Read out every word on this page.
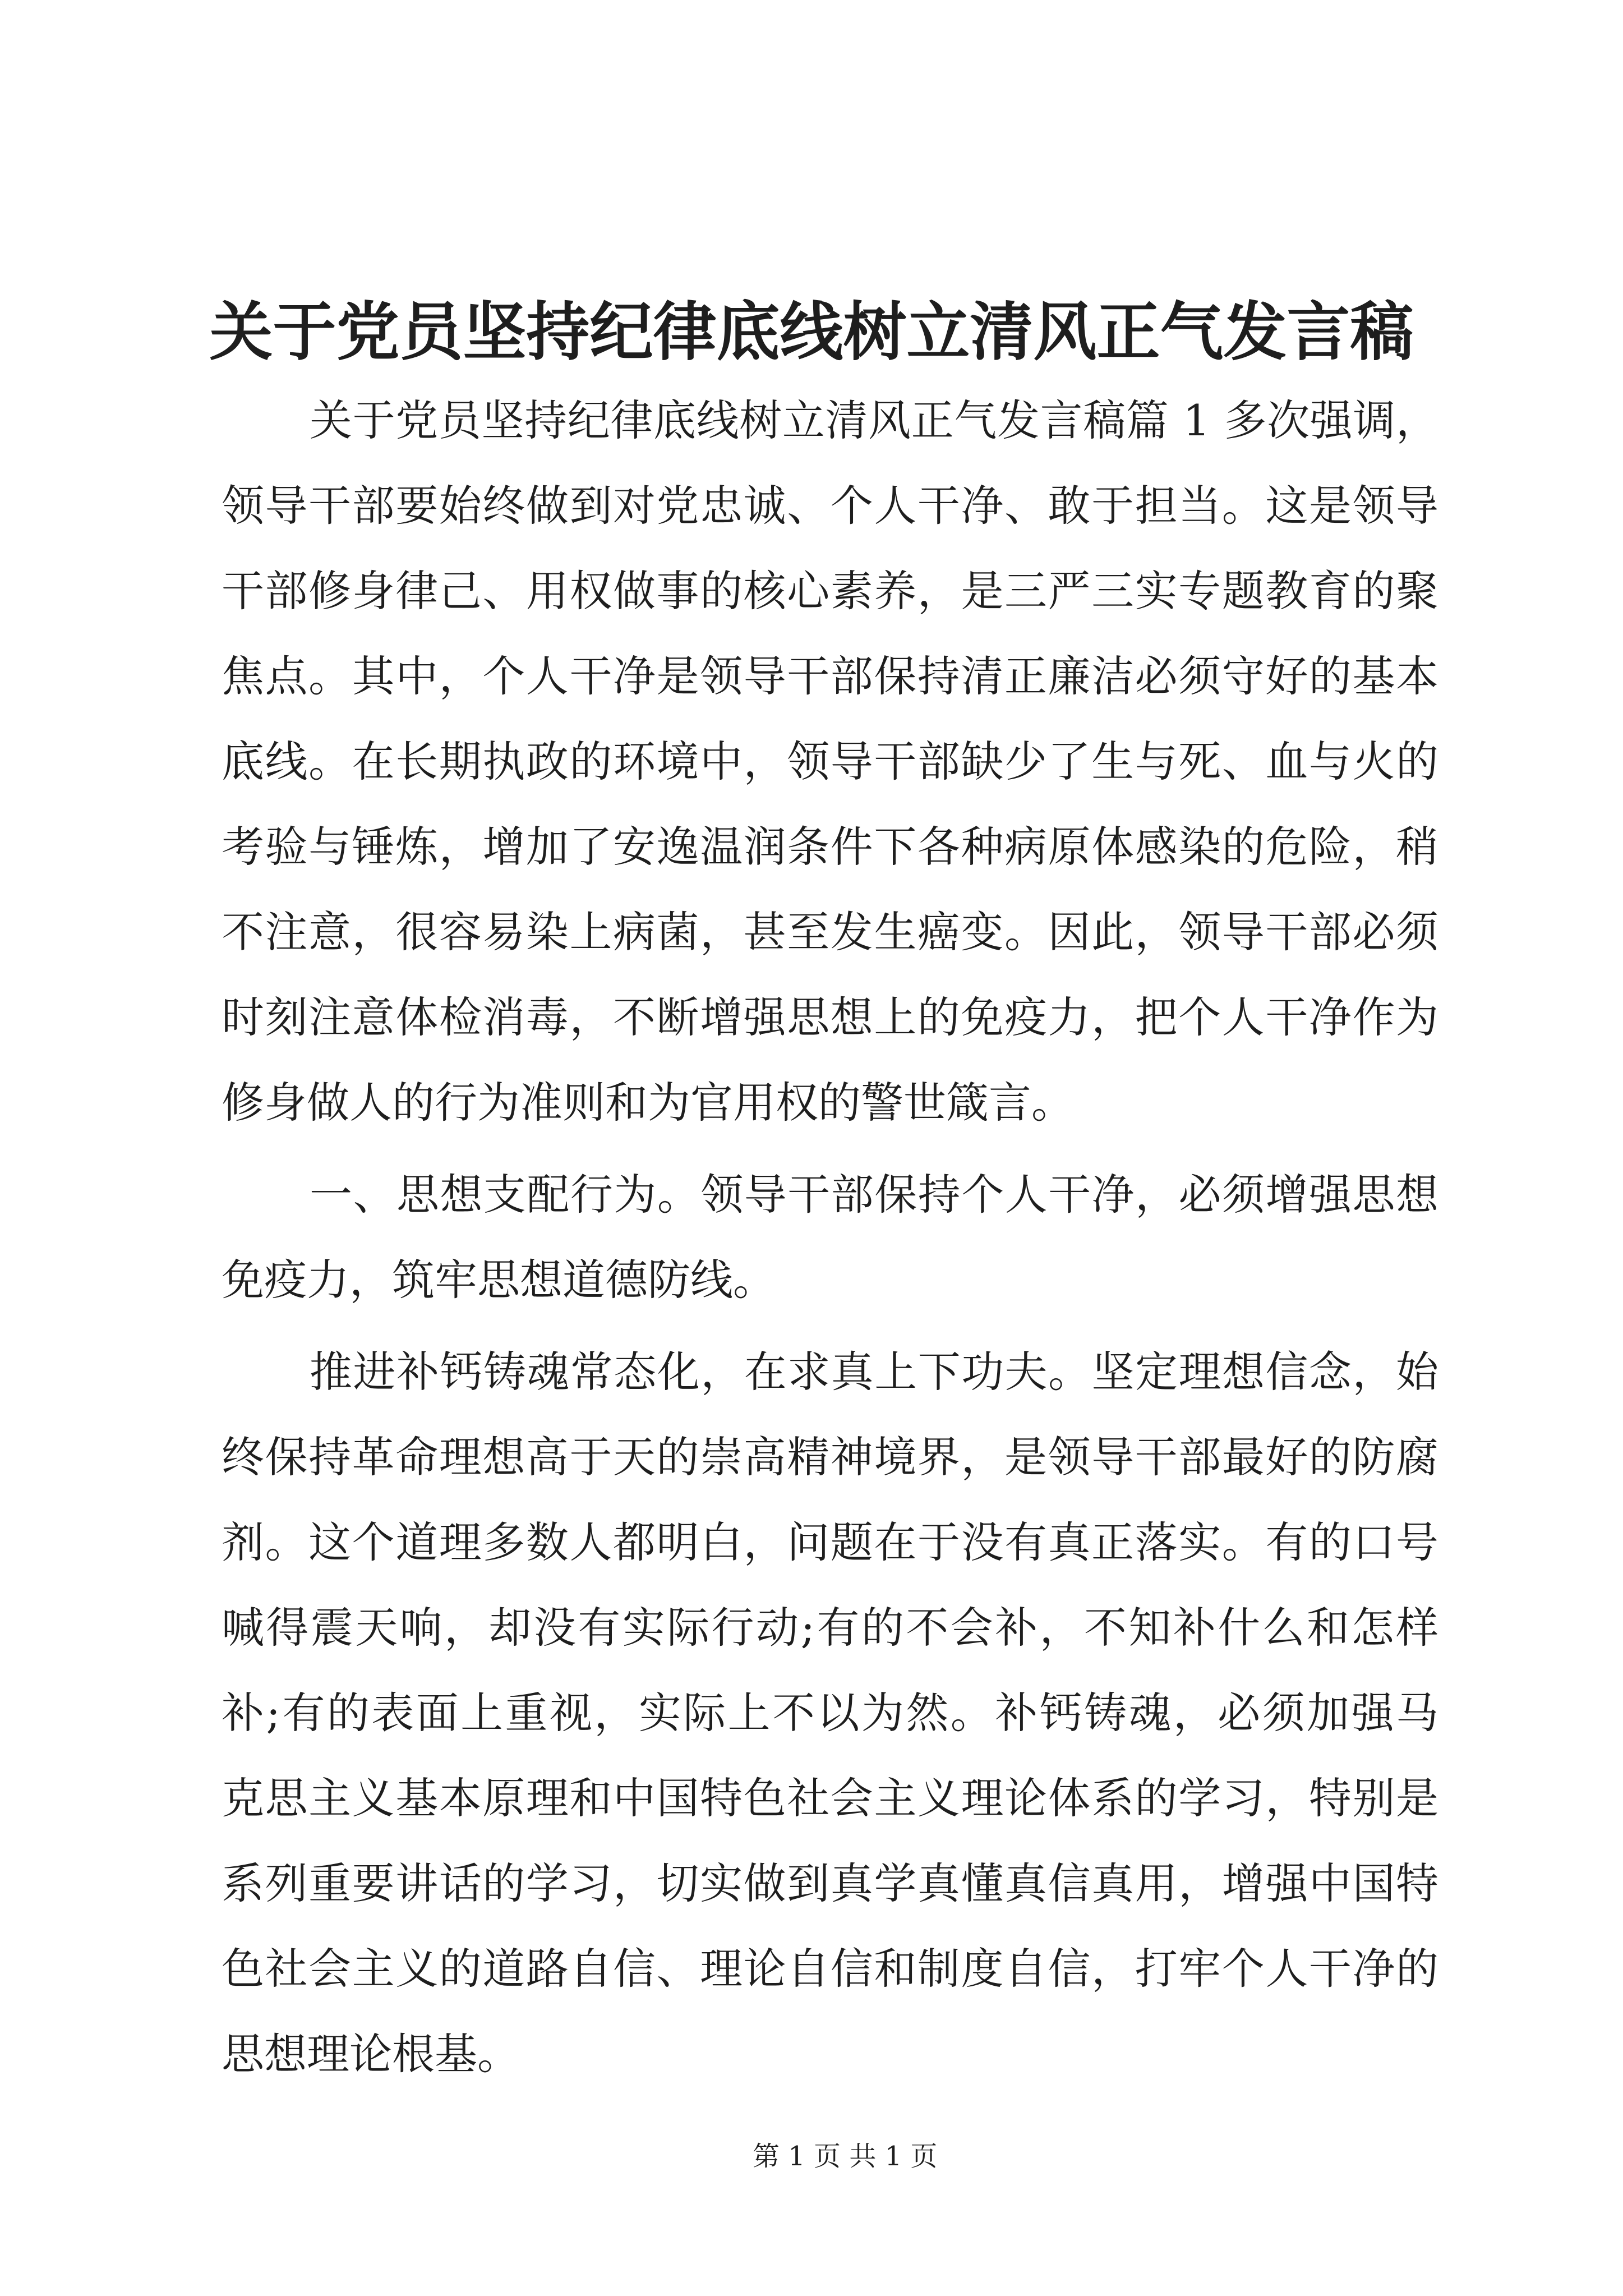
关于党员坚持纪律底线树立清风正气发言稿
关于党员坚持纪律底线树立清风正气发言稿篇 1 多次强调，
领导干部要始终做到对党忠诚、个人干净、敢于担当。这是领导
干部修身律己、用权做事的核心素养，是三严三实专题教育的聚
焦点。其中，个人干净是领导干部保持清正廉洁必须守好的基本
底线。在长期执政的环境中，领导干部缺少了生与死、血与火的
考验与锤炼，增加了安逸温润条件下各种病原体感染的危险，稍
不注意，很容易染上病菌，甚至发生癌变。因此，领导干部必须
时刻注意体检消毒，不断增强思想上的免疫力，把个人干净作为
修身做人的行为准则和为官用权的警世箴言。
一、思想支配行为。领导干部保持个人干净，必须增强思想
免疫力，筑牢思想道德防线。
推进补钙铸魂常态化，在求真上下功夫。坚定理想信念，始
终保持革命理想高于天的崇高精神境界，是领导干部最好的防腐
剂。这个道理多数人都明白，问题在于没有真正落实。有的口号
喊得震天响，却没有实际行动;有的不会补，不知补什么和怎样
补;有的表面上重视，实际上不以为然。补钙铸魂，必须加强马
克思主义基本原理和中国特色社会主义理论体系的学习，特别是
系列重要讲话的学习，切实做到真学真懂真信真用，增强中国特
色社会主义的道路自信、理论自信和制度自信，打牢个人干净的
思想理论根基。
第 1 页 共 1 页
